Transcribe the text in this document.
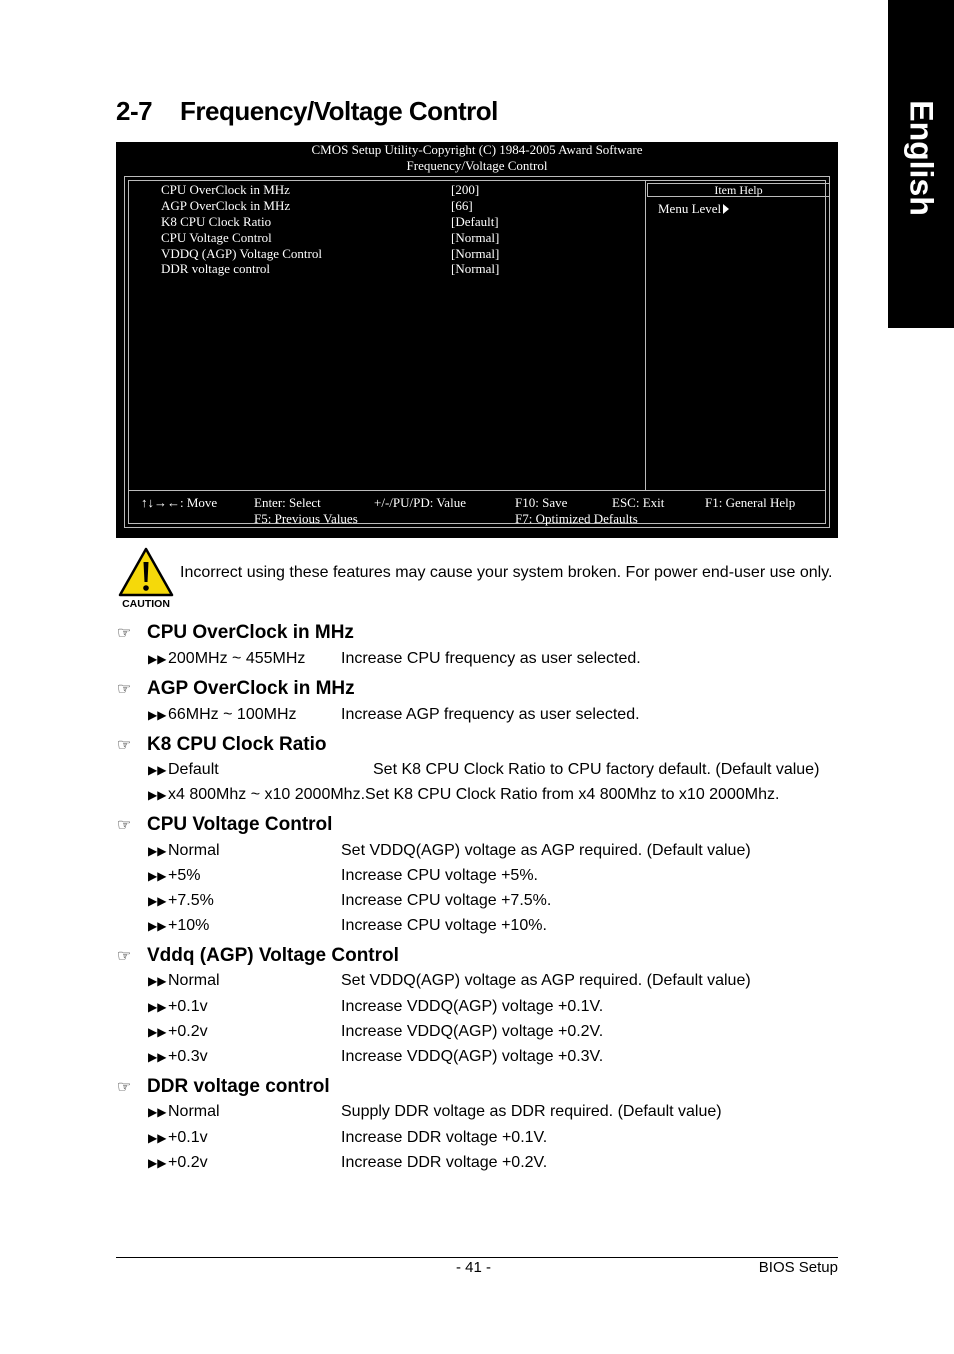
English
2-7 Frequency/Voltage Control
CMOS Setup Utility-Copyright (C) 1984-2005 Award Software
Frequency/Voltage Control
Item Help
Menu Level
CPU OverClock in MHz	[200]
AGP OverClock in MHz	[66]
K8 CPU Clock Ratio	[Default]
CPU Voltage Control	[Normal]
VDDQ (AGP) Voltage Control	[Normal]
DDR voltage control	[Normal]
↑↓→←: Move	Enter: Select	+/-/PU/PD: Value	F10: Save	ESC: Exit	F1: General Help
F5: Previous Values	F7: Optimized Defaults
CAUTION
Incorrect using these features may cause your system broken. For power end-user use only.
☞ CPU OverClock in MHz
▶▶200MHz ~ 455MHz Increase CPU frequency as user selected.
☞ AGP OverClock in MHz
▶▶66MHz ~ 100MHz	Increase AGP frequency as user selected.
☞ K8 CPU Clock Ratio
▶▶Default	Set K8 CPU Clock Ratio to CPU factory default. (Default value)
▶▶x4 800Mhz ~ x10 2000Mhz.Set K8 CPU Clock Ratio from x4 800Mhz to x10 2000Mhz.
☞ CPU Voltage Control
▶▶Normal	Set VDDQ(AGP) voltage as AGP required. (Default value)
▶▶+5%	Increase CPU voltage +5%.
▶▶+7.5%	Increase CPU voltage +7.5%.
▶▶+10%	Increase CPU voltage +10%.
☞ Vddq (AGP) Voltage Control
▶▶Normal	Set VDDQ(AGP) voltage as AGP required. (Default value)
▶▶+0.1v	Increase VDDQ(AGP) voltage +0.1V.
▶▶+0.2v	Increase VDDQ(AGP) voltage +0.2V.
▶▶+0.3v	Increase VDDQ(AGP) voltage +0.3V.
☞ DDR voltage control
▶▶Normal	Supply DDR voltage as DDR required. (Default value)
▶▶+0.1v	Increase DDR voltage +0.1V.
▶▶+0.2v	Increase DDR voltage +0.2V.
- 41 -	BIOS Setup
